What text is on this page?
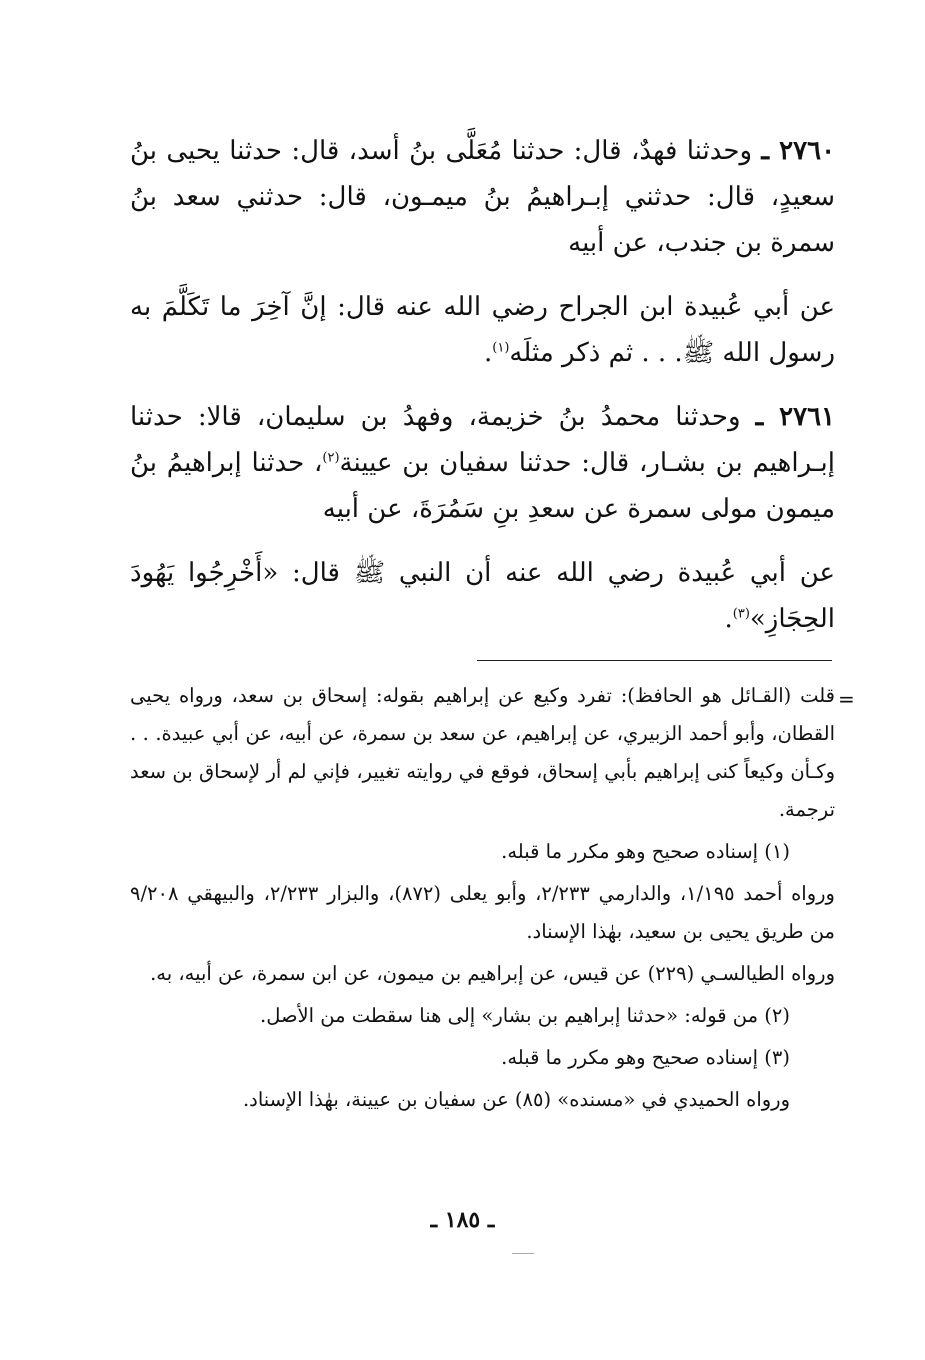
٢٧٦٠ ـ وحدثنا فهدٌ، قال: حدثنا مُعَلَّى بنُ أسد، قال: حدثنا يحيى بنُ سعيدٍ، قال: حدثني إبـراهيمُ بنُ ميمـون، قال: حدثني سعد بنُ سمرة بن جندب، عن أبيه

عن أبي عُبيدة ابن الجراح رضي الله عنه قال: إنَّ آخِرَ ما تَكَلَّمَ به رسول الله ﷺ. . . ثم ذكر مثلَه$^{(١)}$.

٢٧٦١ ـ وحدثنا محمدُ بنُ خزيمة، وفهدُ بن سليمان، قالا: حدثنا إبـراهيم بن بشـار، قال: حدثنا سفيان بن عيينة$^{(٢)}$، حدثنا إبراهيمُ بنُ ميمون مولى سمرة عن سعدِ بنِ سَمُرَةَ، عن أبيه

عن أبي عُبيدة رضي الله عنه أن النبي ﷺ قال: «أَخْرِجُوا يَهُودَ الحِجَازِ»$^{(٣)}$.

=

قلت (القـائل هو الحافظ): تفرد وكيع عن إبراهيم بقوله: إسحاق بن سعد، ورواه يحيى القطان، وأبو أحمد الزبيري، عن إبراهيم، عن سعد بن سمرة، عن أبيه، عن أبي عبيدة. . . وكـأن وكيعاً كنى إبراهيم بأبي إسحاق، فوقع في روايته تغيير، فإني لم أر لإسحاق بن سعد ترجمة.

(١) إسناده صحيح وهو مكرر ما قبله.

ورواه أحمد ١/١٩٥، والدارمي ٢/٢٣٣، وأبو يعلى (٨٧٢)، والبزار ٢/٢٣٣، والبيهقي ٩/٢٠٨ من طريق يحيى بن سعيد، بهٰذا الإسناد.

ورواه الطيالسـي (٢٢٩) عن قيس، عن إبراهيم بن ميمون، عن ابن سمرة، عن أبيه، به.

(٢) من قوله: «حدثنا إبراهيم بن بشار» إلى هنا سقطت من الأصل.

(٣) إسناده صحيح وهو مكرر ما قبله.

ورواه الحميدي في «مسنده» (٨٥) عن سفيان بن عيينة، بهٰذا الإسناد.

ـ ١٨٥ ـ
